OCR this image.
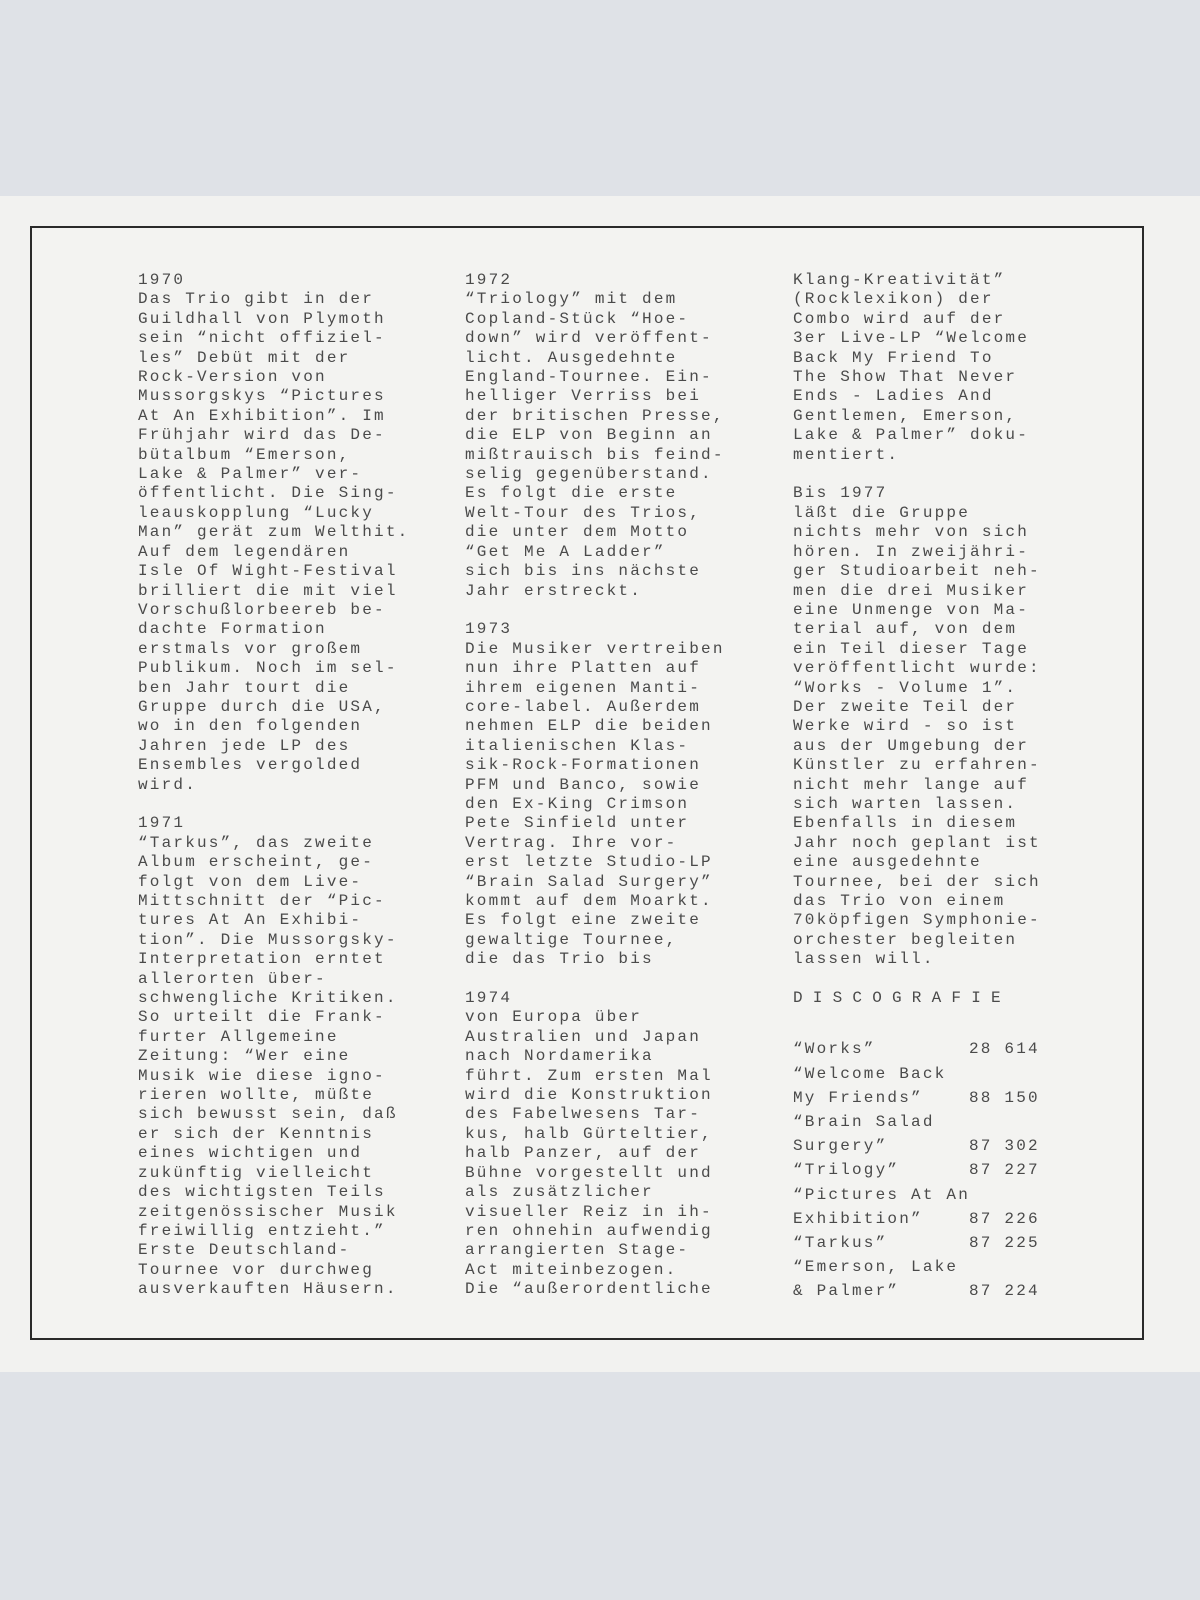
1970
Das Trio gibt in der
Guildhall von Plymoth
sein “nicht offiziel-
les” Debüt mit der
Rock-Version von
Mussorgskys “Pictures
At An Exhibition”. Im
Frühjahr wird das De-
bütalbum “Emerson,
Lake & Palmer” ver-
öffentlicht. Die Sing-
leauskopplung “Lucky
Man” gerät zum Welthit.
Auf dem legendären
Isle Of Wight-Festival
brilliert die mit viel
Vorschußlorbeereb be-
dachte Formation
erstmals vor großem
Publikum. Noch im sel-
ben Jahr tourt die
Gruppe durch die USA,
wo in den folgenden
Jahren jede LP des
Ensembles vergolded
wird.
1971
“Tarkus”, das zweite
Album erscheint, ge-
folgt von dem Live-
Mittschnitt der “Pic-
tures At An Exhibi-
tion”. Die Mussorgsky-
Interpretation erntet
allerorten über-
schwengliche Kritiken.
So urteilt die Frank-
furter Allgemeine
Zeitung: “Wer eine
Musik wie diese igno-
rieren wollte, müßte
sich bewusst sein, daß
er sich der Kenntnis
eines wichtigen und
zukünftig vielleicht
des wichtigsten Teils
zeitgenössischer Musik
freiwillig entzieht.”
Erste Deutschland-
Tournee vor durchweg
ausverkauften Häusern.
1972
“Triology” mit dem
Copland-Stück “Hoe-
down” wird veröffent-
licht. Ausgedehnte
England-Tournee. Ein-
helliger Verriss bei
der britischen Presse,
die ELP von Beginn an
mißtrauisch bis feind-
selig gegenüberstand.
Es folgt die erste
Welt-Tour des Trios,
die unter dem Motto
“Get Me A Ladder”
sich bis ins nächste
Jahr erstreckt.
1973
Die Musiker vertreiben
nun ihre Platten auf
ihrem eigenen Manti-
core-label. Außerdem
nehmen ELP die beiden
italienischen Klas-
sik-Rock-Formationen
PFM und Banco, sowie
den Ex-King Crimson
Pete Sinfield unter
Vertrag. Ihre vor-
erst letzte Studio-LP
“Brain Salad Surgery”
kommt auf dem Moarkt.
Es folgt eine zweite
gewaltige Tournee,
die das Trio bis
1974
von Europa über
Australien und Japan
nach Nordamerika
führt. Zum ersten Mal
wird die Konstruktion
des Fabelwesens Tar-
kus, halb Gürteltier,
halb Panzer, auf der
Bühne vorgestellt und
als zusätzlicher
visueller Reiz in ih-
ren ohnehin aufwendig
arrangierten Stage-
Act miteinbezogen.
Die “außerordentliche
Klang-Kreativität”
(Rocklexikon) der
Combo wird auf der
3er Live-LP “Welcome
Back My Friend To
The Show That Never
Ends - Ladies And
Gentlemen, Emerson,
Lake & Palmer” doku-
mentiert.
Bis 1977
läßt die Gruppe
nichts mehr von sich
hören. In zweijähri-
ger Studioarbeit neh-
men die drei Musiker
eine Unmenge von Ma-
terial auf, von dem
ein Teil dieser Tage
veröffentlicht wurde:
“Works - Volume 1”.
Der zweite Teil der
Werke wird - so ist
aus der Umgebung der
Künstler zu erfahren-
nicht mehr lange auf
sich warten lassen.
Ebenfalls in diesem
Jahr noch geplant ist
eine ausgedehnte
Tournee, bei der sich
das Trio von einem
70köpfigen Symphonie-
orchester begleiten
lassen will.
DISCOGRAFIE
“Works”	28 614
“Welcome Back
My Friends”	88 150
“Brain Salad
Surgery”	87 302
“Trilogy”	87 227
“Pictures At An
Exhibition”	87 226
“Tarkus”	87 225
“Emerson, Lake
& Palmer”	87 224
